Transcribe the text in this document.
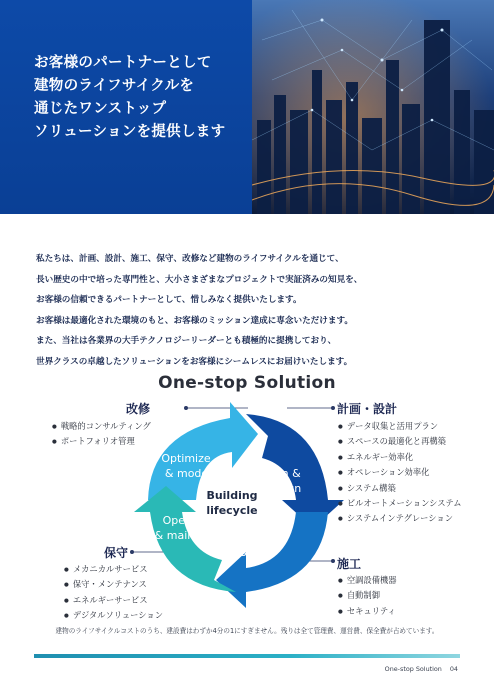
お客様のパートナーとして
建物のライフサイクルを
通じたワンストップ
ソリューションを提供します

私たちは、計画、設計、施工、保守、改修など建物のライフサイクルを通じて、
長い歴史の中で培った専門性と、大小さまざまなプロジェクトで実証済みの知見を、
お客様の信頼できるパートナーとして、惜しみなく提供いたします。
お客様は最適化された環境のもと、お客様のミッション達成に専念いただけます。
また、当社は各業界の大手テクノロジーリーダーとも積極的に提携しており、
世界クラスの卓越したソリューションをお客様にシームレスにお届けいたします。

One-stop Solution
Optimize
& modernize	Plan &
design
Build
Operate
& maintain
Building
lifecycle
改修
● 戦略的コンサルティング
● ポートフォリオ管理
計画・設計
● データ収集と活用プラン
● スペースの最適化と再構築
● エネルギー効率化
● オペレーション効率化
● システム構築
● ビルオートメーションシステム
● システムインテグレーション
保守
● メカニカルサービス
● 保守・メンテナンス
● エネルギーサービス
● デジタルソリューション
施工
● 空調設備機器
● 自動制御
● セキュリティ

建物のライフサイクルコストのうち、建設費はわずか4分の1にすぎません。残りは全て管理費、運営費、保全費が占めています。

One-stop Solution 04
